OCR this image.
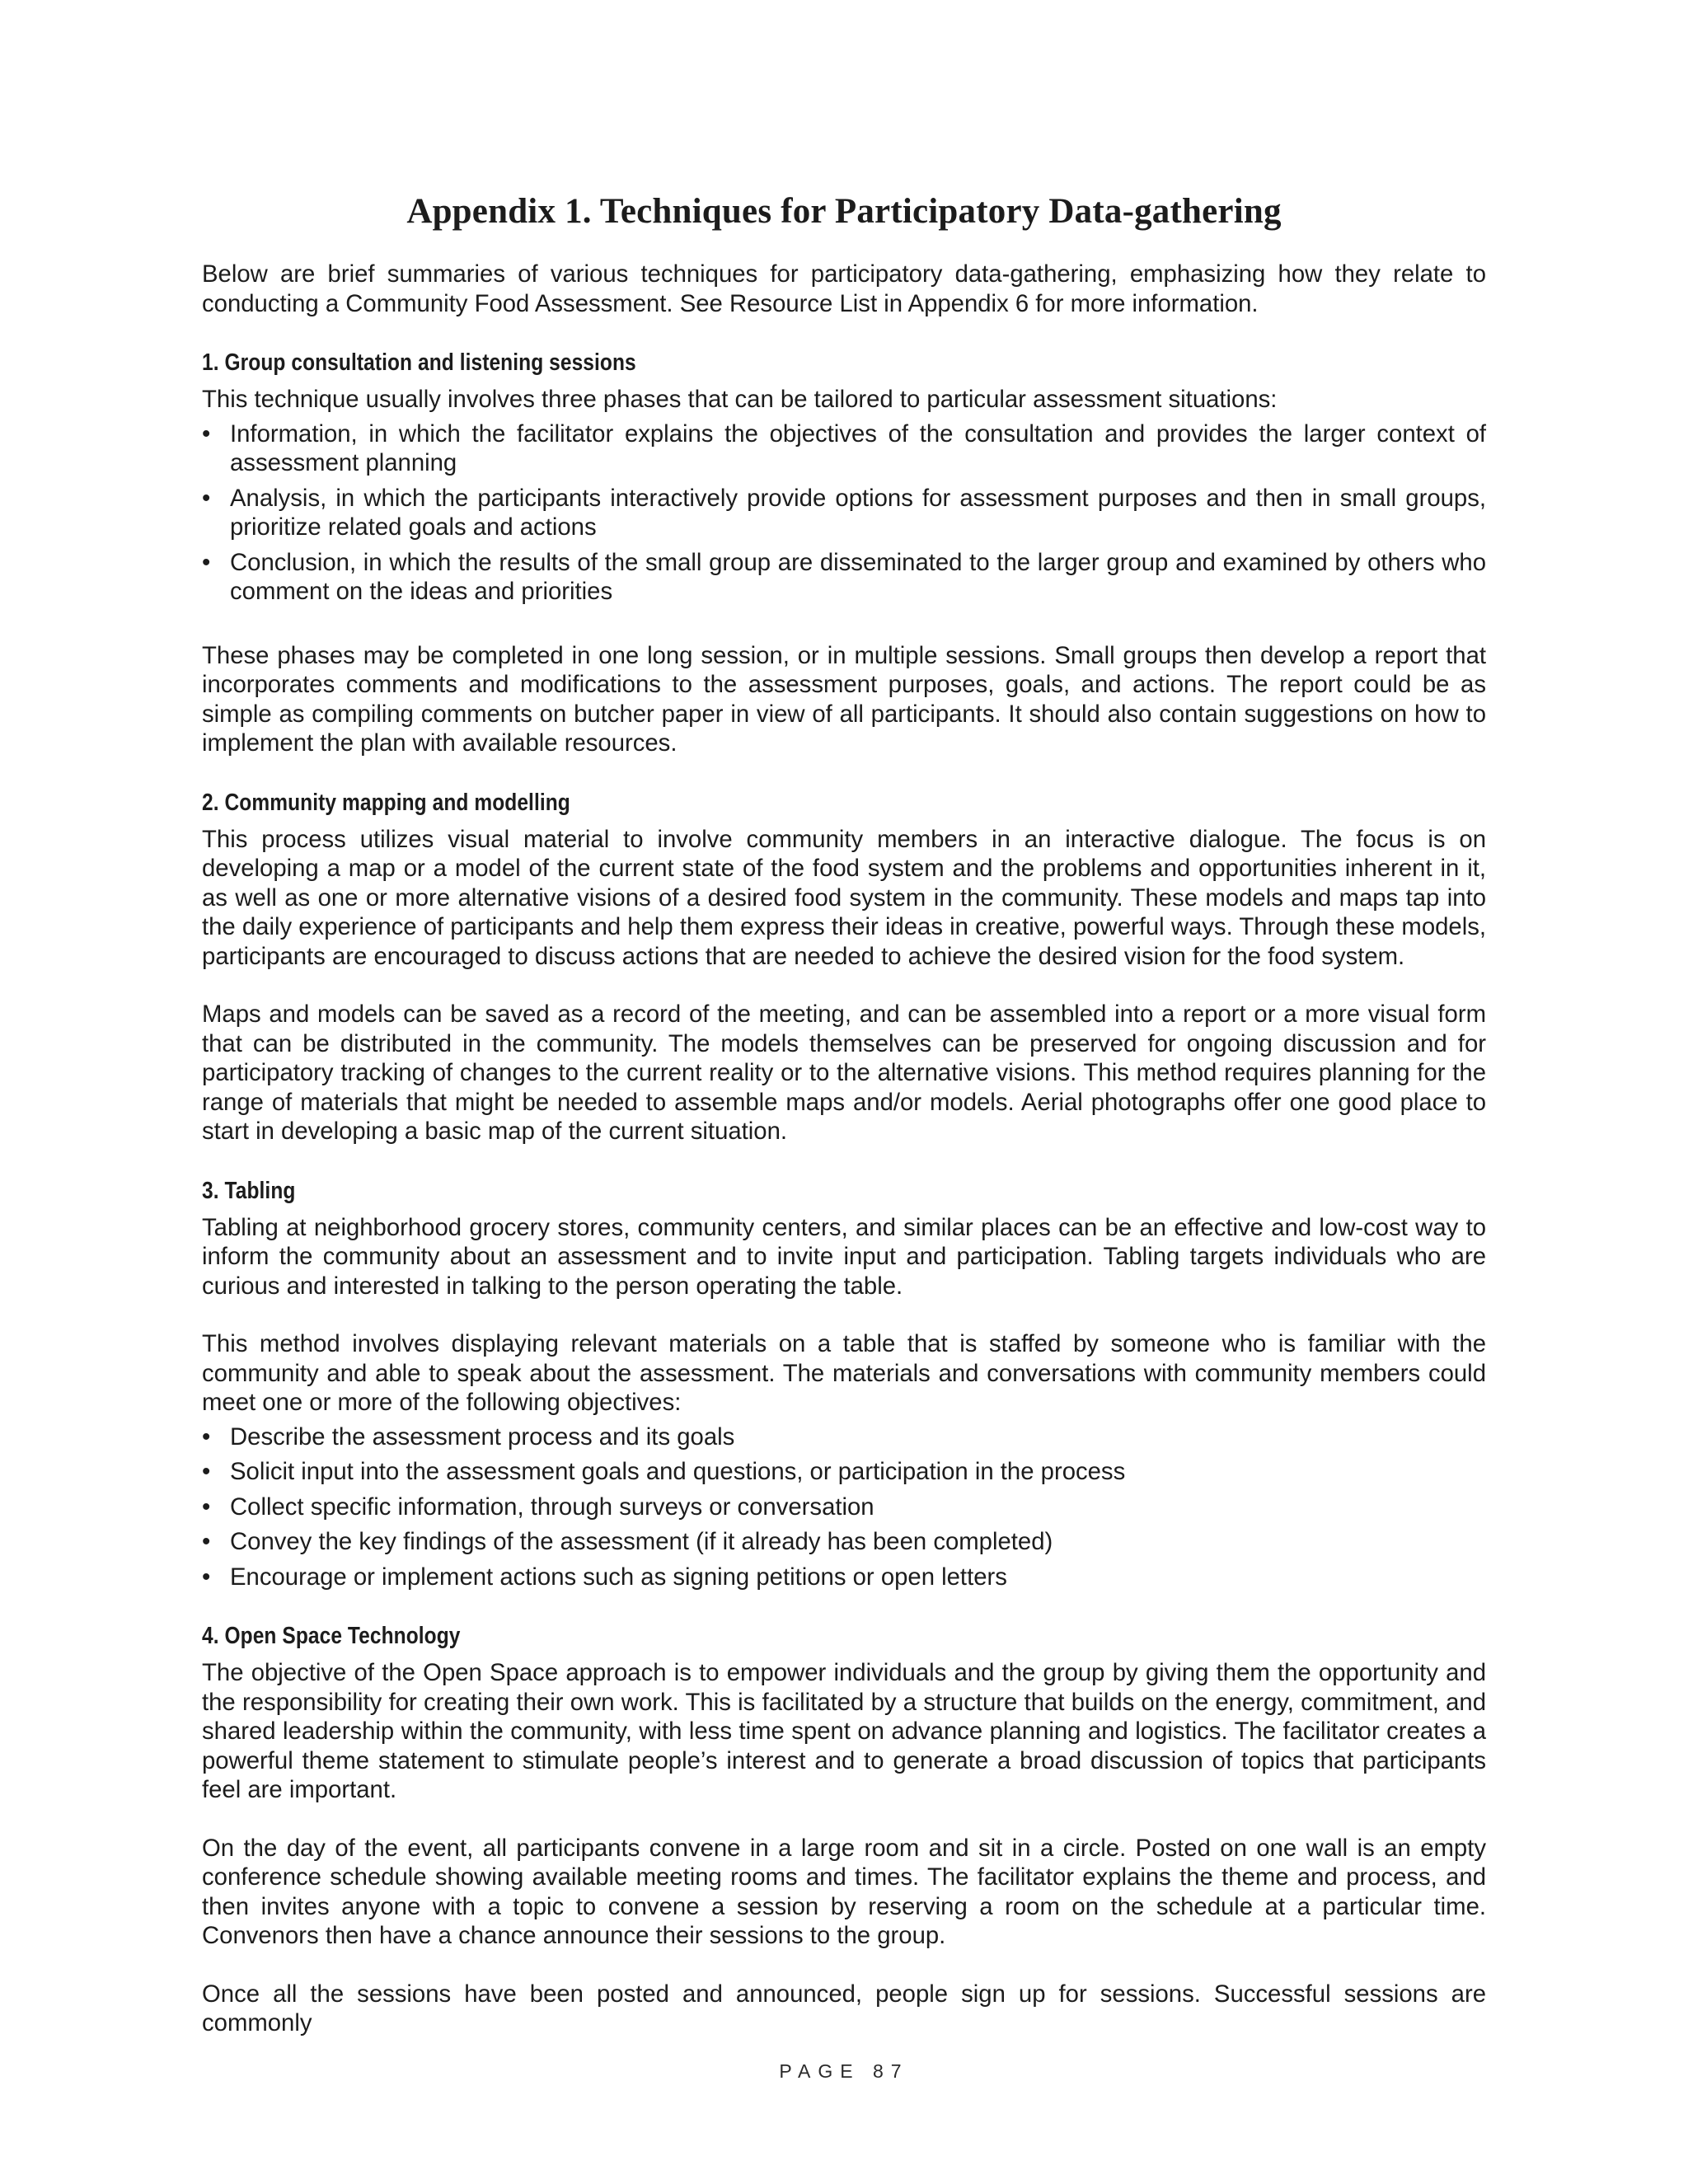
Appendix 1. Techniques for Participatory Data-gathering

Below are brief summaries of various techniques for participatory data-gathering, emphasizing how they relate to conducting a Community Food Assessment. See Resource List in Appendix 6 for more information.

1. Group consultation and listening sessions

This technique usually involves three phases that can be tailored to particular assessment situations:

• Information, in which the facilitator explains the objectives of the consultation and provides the larger context of assessment planning
• Analysis, in which the participants interactively provide options for assessment purposes and then in small groups, prioritize related goals and actions
• Conclusion, in which the results of the small group are disseminated to the larger group and examined by others who comment on the ideas and priorities

These phases may be completed in one long session, or in multiple sessions. Small groups then develop a report that incorporates comments and modifications to the assessment purposes, goals, and actions. The report could be as simple as compiling comments on butcher paper in view of all participants. It should also contain suggestions on how to implement the plan with available resources.

2. Community mapping and modelling

This process utilizes visual material to involve community members in an interactive dialogue. The focus is on developing a map or a model of the current state of the food system and the problems and opportunities inherent in it, as well as one or more alternative visions of a desired food system in the community. These models and maps tap into the daily experience of participants and help them express their ideas in creative, powerful ways. Through these models, participants are encouraged to discuss actions that are needed to achieve the desired vision for the food system.

Maps and models can be saved as a record of the meeting, and can be assembled into a report or a more visual form that can be distributed in the community. The models themselves can be preserved for ongoing discussion and for participatory tracking of changes to the current reality or to the alternative visions. This method requires planning for the range of materials that might be needed to assemble maps and/or models. Aerial photographs offer one good place to start in developing a basic map of the current situation.

3. Tabling

Tabling at neighborhood grocery stores, community centers, and similar places can be an effective and low-cost way to inform the community about an assessment and to invite input and participation. Tabling targets individuals who are curious and interested in talking to the person operating the table.

This method involves displaying relevant materials on a table that is staffed by someone who is familiar with the community and able to speak about the assessment. The materials and conversations with community members could meet one or more of the following objectives:

• Describe the assessment process and its goals
• Solicit input into the assessment goals and questions, or participation in the process
• Collect specific information, through surveys or conversation
• Convey the key findings of the assessment (if it already has been completed)
• Encourage or implement actions such as signing petitions or open letters
4. Open Space Technology

The objective of the Open Space approach is to empower individuals and the group by giving them the opportunity and the responsibility for creating their own work. This is facilitated by a structure that builds on the energy, commitment, and shared leadership within the community, with less time spent on advance planning and logistics. The facilitator creates a powerful theme statement to stimulate people’s interest and to generate a broad discussion of topics that participants feel are important.

On the day of the event, all participants convene in a large room and sit in a circle. Posted on one wall is an empty conference schedule showing available meeting rooms and times. The facilitator explains the theme and process, and then invites anyone with a topic to convene a session by reserving a room on the schedule at a particular time. Convenors then have a chance announce their sessions to the group.

Once all the sessions have been posted and announced, people sign up for sessions. Successful sessions are commonly

PAGE 87
